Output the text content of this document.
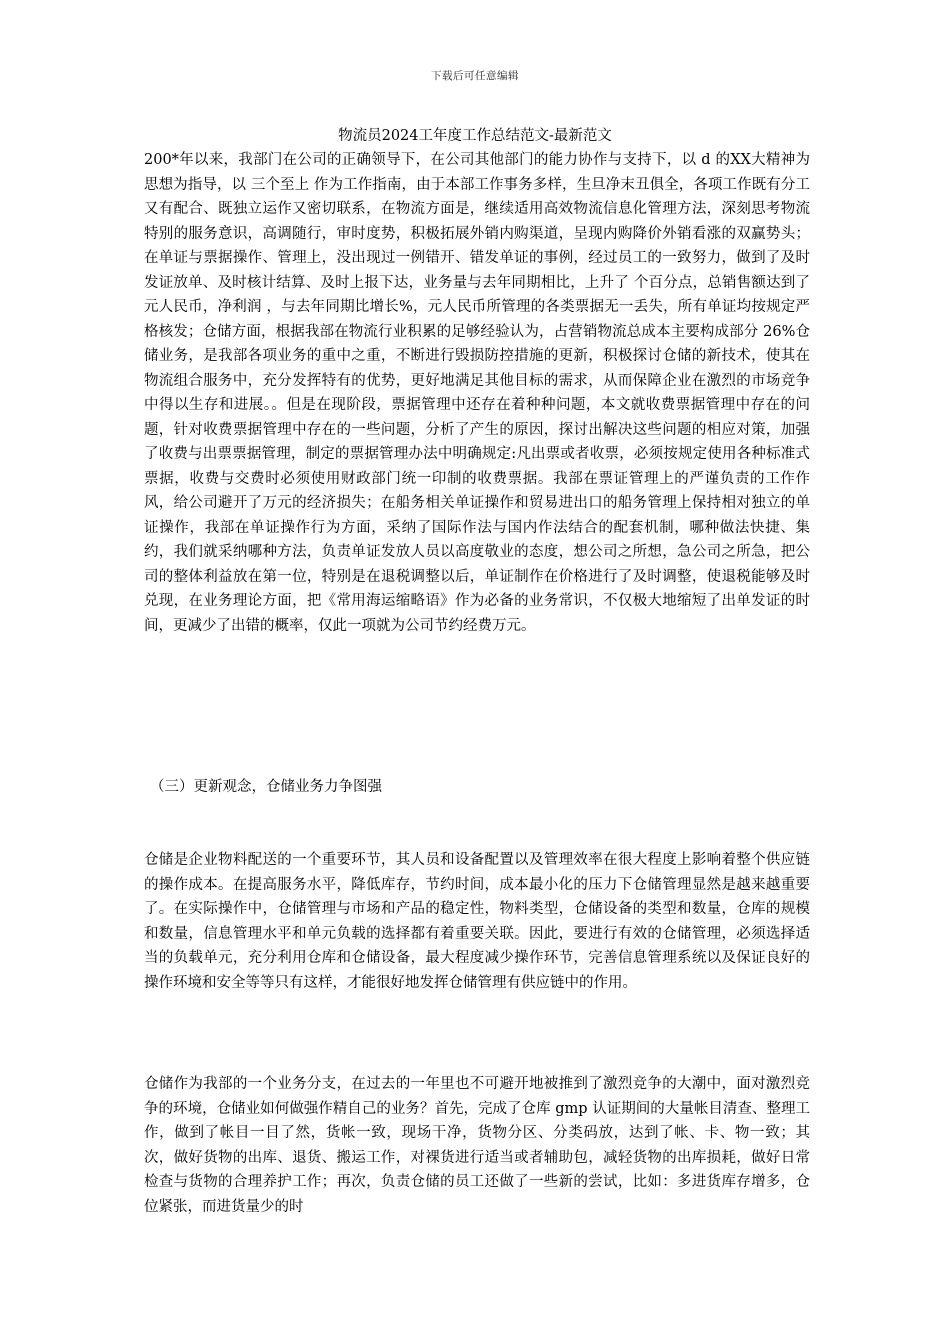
下载后可任意编辑
物流员2024工年度工作总结范文-最新范文

200*年以来，我部门在公司的正确领导下，在公司其他部门的能力协作与支持下，以 d 的XX大精神为思想为指导，以 三个至上 作为工作指南，由于本部工作事务多样，生旦净末丑俱全，各项工作既有分工又有配合、既独立运作又密切联系，在物流方面是，继续适用高效物流信息化管理方法，深刻思考物流特别的服务意识，高调随行，审时度势，积极拓展外销内购渠道，呈现内购降价外销看涨的双赢势头；在单证与票据操作、管理上，没出现过一例错开、错发单证的事例，经过员工的一致努力，做到了及时发证放单、及时核计结算、及时上报下达，业务量与去年同期相比，上升了 个百分点，总销售额达到了 元人民币，净利润 ，与去年同期比增长%，元人民币所管理的各类票据无一丢失，所有单证均按规定严格核发；仓储方面，根据我部在物流行业积累的足够经验认为，占营销物流总成本主要构成部分 26%仓储业务，是我部各项业务的重中之重，不断进行毁损防控措施的更新，积极探讨仓储的新技术，使其在物流组合服务中，充分发挥特有的优势，更好地满足其他目标的需求，从而保障企业在激烈的市场竞争中得以生存和进展。。但是在现阶段，票据管理中还存在着种种问题，本文就收费票据管理中存在的问题，针对收费票据管理中存在的一些问题，分析了产生的原因，探讨出解决这些问题的相应对策，加强了收费与出票票据管理，制定的票据管理办法中明确规定:凡出票或者收票，必须按规定使用各种标准式票据，收费与交费时必须使用财政部门统一印制的收费票据。我部在票证管理上的严谨负责的工作作风，给公司避开了万元的经济损失；在船务相关单证操作和贸易进出口的船务管理上保持相对独立的单证操作，我部在单证操作行为方面，采纳了国际作法与国内作法结合的配套机制，哪种做法快捷、集约，我们就采纳哪种方法，负责单证发放人员以高度敬业的态度，想公司之所想，急公司之所急，把公司的整体利益放在第一位，特别是在退税调整以后，单证制作在价格进行了及时调整，使退税能够及时兑现，在业务理论方面，把《常用海运缩略语》作为必备的业务常识，不仅极大地缩短了出单发证的时间，更减少了出错的概率，仅此一项就为公司节约经费万元。

（三）更新观念，仓储业务力争图强

仓储是企业物料配送的一个重要环节，其人员和设备配置以及管理效率在很大程度上影响着整个供应链的操作成本。在提高服务水平，降低库存，节约时间，成本最小化的压力下仓储管理显然是越来越重要了。在实际操作中，仓储管理与市场和产品的稳定性，物料类型，仓储设备的类型和数量，仓库的规模和数量，信息管理水平和单元负载的选择都有着重要关联。因此，要进行有效的仓储管理，必须选择适当的负载单元，充分利用仓库和仓储设备，最大程度减少操作环节，完善信息管理系统以及保证良好的操作环境和安全等等只有这样，才能很好地发挥仓储管理有供应链中的作用。

仓储作为我部的一个业务分支，在过去的一年里也不可避开地被推到了激烈竞争的大潮中，面对激烈竞争的环境，仓储业如何做强作精自己的业务？首先，完成了仓库 gmp 认证期间的大量帐目清查、整理工作，做到了帐目一目了然，货帐一致，现场干净，货物分区、分类码放，达到了帐、卡、物一致；其次，做好货物的出库、退货、搬运工作，对裸货进行适当或者辅助包，减轻货物的出库损耗，做好日常检查与货物的合理养护工作；再次，负责仓储的员工还做了一些新的尝试，比如：多进货库存增多，仓位紧张，而进货量少的时
